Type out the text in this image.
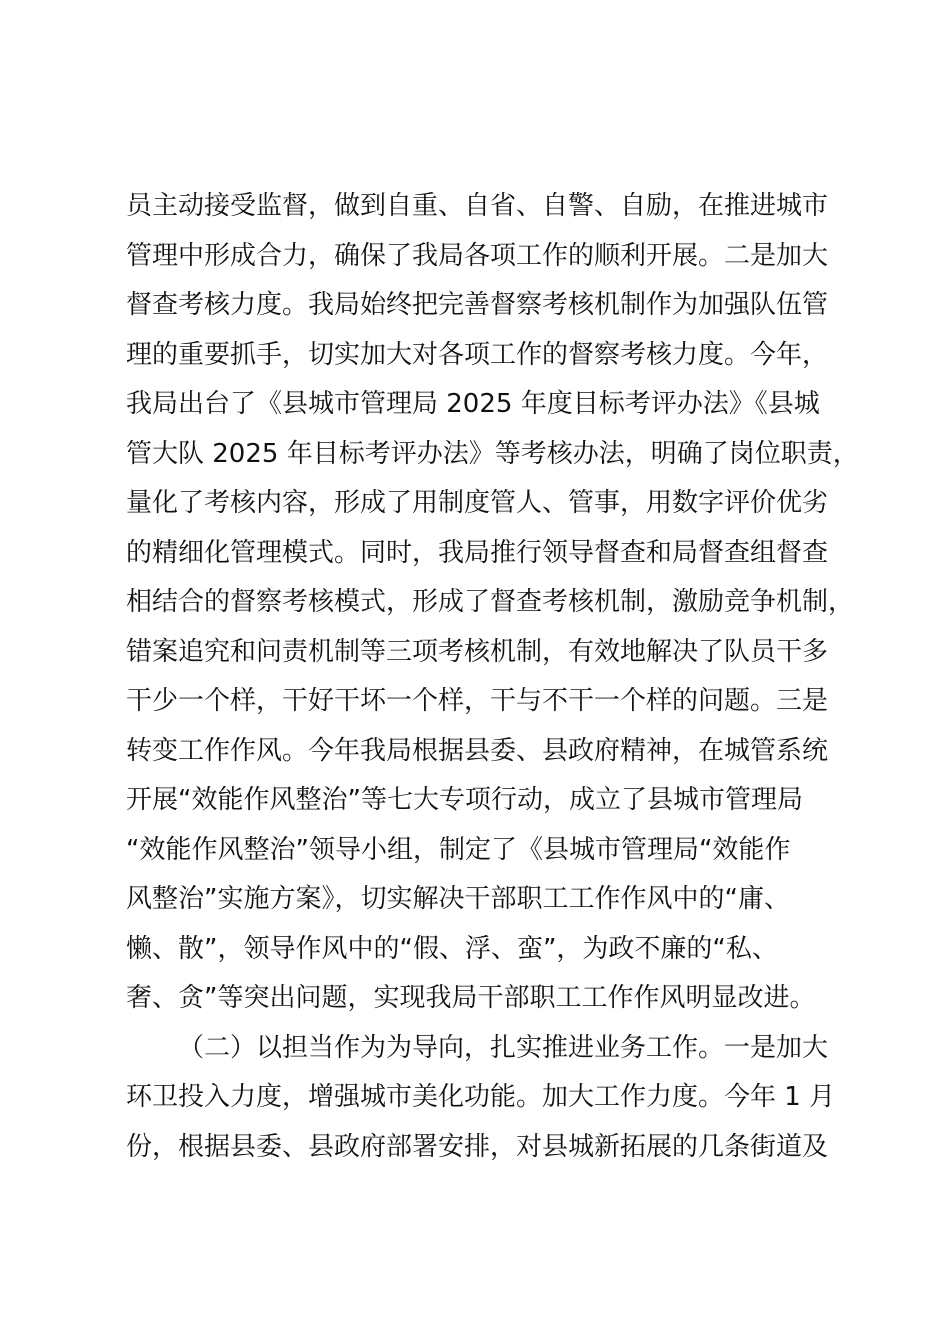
员主动接受监督，做到自重、自省、自警、自励，在推进城市
管理中形成合力，确保了我局各项工作的顺利开展。二是加大
督查考核力度。我局始终把完善督察考核机制作为加强队伍管
理的重要抓手，切实加大对各项工作的督察考核力度。今年，
我局出台了《县城市管理局 2025 年度目标考评办法》《县城
管大队 2025 年目标考评办法》等考核办法，明确了岗位职责，
量化了考核内容，形成了用制度管人、管事，用数字评价优劣
的精细化管理模式。同时，我局推行领导督查和局督查组督查
相结合的督察考核模式，形成了督查考核机制，激励竞争机制，
错案追究和问责机制等三项考核机制，有效地解决了队员干多
干少一个样，干好干坏一个样，干与不干一个样的问题。三是
转变工作作风。今年我局根据县委、县政府精神，在城管系统
开展“效能作风整治”等七大专项行动，成立了县城市管理局
“效能作风整治”领导小组，制定了《县城市管理局“效能作
风整治”实施方案》，切实解决干部职工工作作风中的“庸、
懒、散”，领导作风中的“假、浮、蛮”，为政不廉的“私、
奢、贪”等突出问题，实现我局干部职工工作作风明显改进。
（二）以担当作为为导向，扎实推进业务工作。一是加大
环卫投入力度，增强城市美化功能。加大工作力度。今年 1 月
份，根据县委、县政府部署安排，对县城新拓展的几条街道及
